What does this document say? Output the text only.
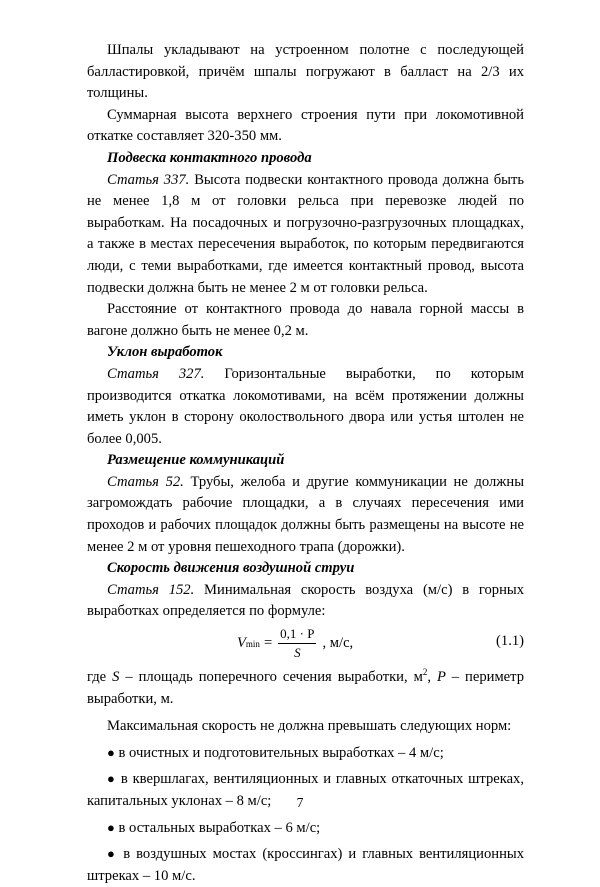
Шпалы укладывают на устроенном полотне с последующей балластировкой, причём шпалы погружают в балласт на 2/3 их толщины.

Суммарная высота верхнего строения пути при локомотивной откатке составляет 320-350 мм.

Подвеска контактного провода

Статья 337. Высота подвески контактного провода должна быть не менее 1,8 м от головки рельса при перевозке людей по выработкам. На посадочных и погрузочно-разгрузочных площадках, а также в местах пересечения выработок, по которым передвигаются люди, с теми выработками, где имеется контактный провод, высота подвески должна быть не менее 2 м от головки рельса.

Расстояние от контактного провода до навала горной массы в вагоне должно быть не менее 0,2 м.

Уклон выработок

Статья 327. Горизонтальные выработки, по которым производится откатка локомотивами, на всём протяжении должны иметь уклон в сторону околоствольного двора или устья штолен не более 0,005.

Размещение коммуникаций

Статья 52. Трубы, желоба и другие коммуникации не должны загромождать рабочие площадки, а в случаях пересечения ими проходов и рабочих площадок должны быть размещены на высоте не менее 2 м от уровня пешеходного трапа (дорожки).

Скорость движения воздушной струи

Статья 152. Минимальная скорость воздуха (м/с) в горных выработках определяется по формуле:

V $\min = \frac{0,1 \cdot P}{S}$ , м/с,	(1.1)

где S – площадь поперечного сечения выработки, $м^2$, P – периметр выработки, м.

Максимальная скорость не должна превышать следующих норм:

● в очистных и подготовительных выработках – 4 м/с;

● в квершлагах, вентиляционных и главных откаточных штреках, капитальных уклонах – 8 м/с;

● в остальных выработках – 6 м/с;

● в воздушных мостах (кроссингах) и главных вентиляционных штреках – 10 м/с.

7
